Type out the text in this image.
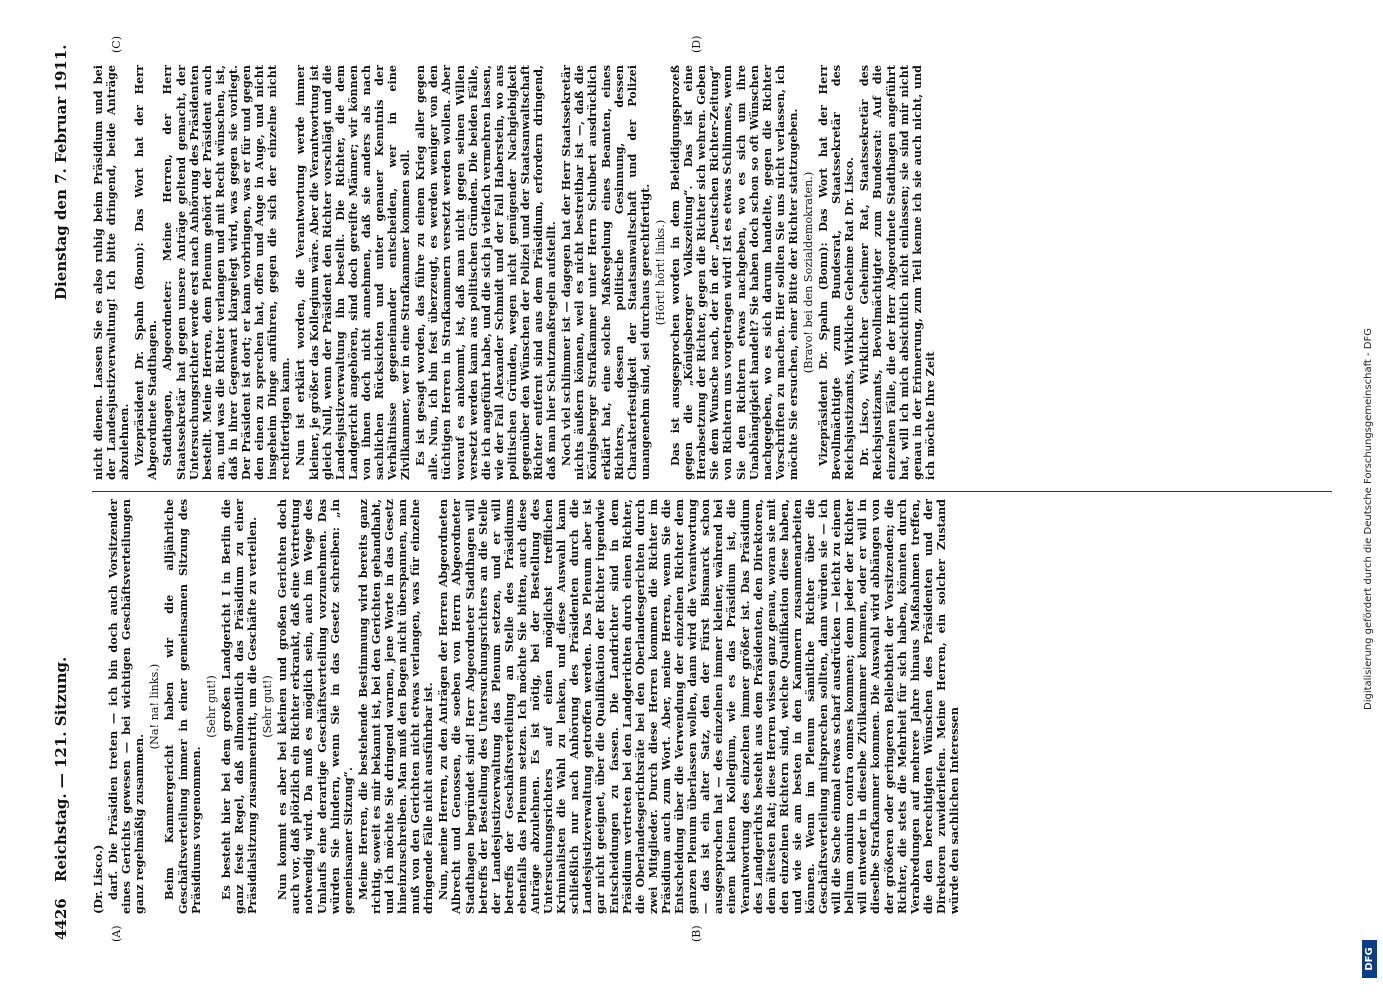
4426
Reichstag. — 121. Sitzung.
Dienstag den 7. Februar 1911.
(A)	(B)
(C)	(D)

(Dr. Lisco.) darf. Die Präsidien treten — ich bin doch auch Vorsitzender eines Gerichts gewesen — bei wichtigen Geschäftsverteilungen ganz regelmäßig zusammen.

(Na! na! links.) Beim Kammergericht haben wir die alljährliche Geschäftsverteilung immer in einer gemeinsamen Sitzung des Präsidiums vorgenommen.

(Sehr gut!) Es besteht hier bei dem großen Landgericht I in Berlin die ganz feste Regel, daß allmonatlich das Präsidium zu einer Präsidialsitzung zusammentritt, um die Geschäfte zu verteilen. (Sehr gut!) Nun kommt es aber bei kleinen und großen Gerichten doch auch vor, daß plötzlich ein Richter erkrankt, daß eine Vertretung notwendig wird. Da muß es möglich sein, auch im Wege des Umlaufs eine derartige Geschäftsverteilung vorzunehmen. Das würden Sie hindern, wenn Sie in das Gesetz schreiben: „in gemeinsamer Sitzung“. Meine Herren, die bestehende Bestimmung wird bereits ganz richtig, soweit es mir bekannt ist, bei den Gerichten gehandhabt, und ich möchte Sie dringend warnen, jene Worte in das Gesetz hineinzuschreiben. Man muß den Bogen nicht überspannen, man muß von den Gerichten nicht etwas verlangen, was für einzelne dringende Fälle nicht ausführbar ist. Nun, meine Herren, zu den Anträgen der Herren Abgeordneten Albrecht und Genossen, die soeben von Herrn Abgeordneter Stadthagen begründet sind! Herr Abgeordneter Stadthagen will betreffs der Bestellung des Untersuchungsrichters an die Stelle der Landesjustizverwaltung das Plenum setzen, und er will betreffs der Geschäftsverteilung an Stelle des Präsidiums ebenfalls das Plenum setzen. Ich möchte Sie bitten, auch diese Anträge abzulehnen. Es ist nötig, bei der Bestellung des Untersuchungsrichters auf einen möglichst trefflichen Kriminalisten die Wahl zu lenken, und diese Auswahl kann schließlich nur nach Anhörung des Präsidenten durch die Landesjustizverwaltung getroffen werden. Das Plenum aber ist gar nicht geeignet, über die Qualifikation der Richter irgendwie Entscheidungen zu fassen. Die Landrichter sind in dem Präsidium vertreten bei den Landgerichten durch einen Richter, die Oberlandesgerichtsräte bei den Oberlandesgerichten durch zwei Mitglieder. Durch diese Herren kommen die Richter im Präsidium auch zum Wort. Aber, meine Herren, wenn Sie die Entscheidung über die Verwendung der einzelnen Richter dem ganzen Plenum überlassen wollen, dann wird die Verantwortung — das ist ein alter Satz, den der Fürst Bismarck schon ausgesprochen hat — des einzelnen immer kleiner, während bei einem kleinen Kollegium, wie es das Präsidium ist, die Verantwortung des einzelnen immer größer ist. Das Präsidium des Landgerichts besteht aus dem Präsidenten, den Direktoren, dem ältesten Rat; diese Herren wissen ganz genau, woran sie mit den einzelnen Richtern sind, welche Qualifikation diese haben, und wie sie am besten in den Kammern zusammenarbeiten können. Wenn im Plenum sämtliche Richter über die Geschäftsverteilung mitsprechen sollten, dann würden sie — ich will die Sache einmal etwas scharf ausdrücken — leicht zu einem bellum omnium contra omnes kommen; denn jeder der Richter will entweder in dieselbe Zivilkammer kommen, oder er will in dieselbe Strafkammer kommen. Die Auswahl wird abhängen von der größeren oder geringeren Beliebtheit der Vorsitzenden; die Richter, die stets die Mehrheit für sich haben, könnten durch Verabredungen auf mehrere Jahre hinaus Maßnahmen treffen, die den berechtigten Wünschen des Präsidenten und der Direktoren zuwiderliefen. Meine Herren, ein solcher Zustand würde den sachlichen Interessen

nicht dienen. Lassen Sie es also ruhig beim Präsidium und bei der Landesjustizverwaltung! Ich bitte dringend, beide Anträge abzulehnen. Vizepräsident Dr. Spahn (Bonn): Das Wort hat der Herr Abgeordnete Stadthagen. Stadthagen, Abgeordneter: Meine Herren, der Herr Staatssekretär hat gegen unsere Anträge geltend gemacht, der Untersuchungsrichter werde erst nach Anhörung des Präsidenten bestellt. Meine Herren, dem Plenum gehört der Präsident auch an, und was die Richter verlangen und mit Recht wünschen, ist, daß in ihrer Gegenwart klargelegt wird, was gegen sie vorliegt. Der Präsident ist dort; er kann vorbringen, was er für und gegen den einen zu sprechen hat, offen und Auge in Auge, und nicht insgeheim Dinge anführen, gegen die sich der einzelne nicht rechtfertigen kann. Nun ist erklärt worden, die Verantwortung werde immer kleiner, je größer das Kollegium wäre. Aber die Verantwortung ist gleich Null, wenn der Präsident den Richter vorschlägt und die Landesjustizverwaltung ihn bestellt. Die Richter, die dem Landgericht angehören, sind doch gereifte Männer; wir können von ihnen doch nicht annehmen, daß sie anders als nach sachlichen Rücksichten und unter genauer Kenntnis der Verhältnisse gegeneinander entscheiden, wer in eine Zivilkammer, wer in eine Strafkammer kommen soll. Es ist gesagt worden, das führe zu einem Krieg aller gegen alle. Nun, ich bin fest überzeugt, es werden weniger von den tüchtigen Herren in Strafkammern versetzt werden wollen. Aber worauf es ankommt, ist, daß man nicht gegen seinen Willen versetzt werden kann aus politischen Gründen. Die beiden Fälle, die ich angeführt habe, und die sich ja vielfach vermehren lassen, wie der Fall Alexander Schmidt und der Fall Haberstein, wo aus politischen Gründen, wegen nicht genügender Nachgiebigkeit gegenüber den Wünschen der Polizei und der Staatsanwaltschaft Richter entfernt sind aus dem Präsidium, erfordern dringend, daß man hier Schutzmaßregeln aufstellt. Noch viel schlimmer ist — dagegen hat der Herr Staatssekretär nichts äußern können, weil es nicht bestreitbar ist —, daß die Königsberger Strafkammer unter Herrn Schubert ausdrücklich erklärt hat, eine solche Maßregelung eines Beamten, eines Richters, dessen politische Gesinnung, dessen Charakterfestigkeit der Staatsanwaltschaft und der Polizei unangenehm sind, sei durchaus gerechtfertigt. (Hört! hört! links.) Das ist ausgesprochen worden in dem Beleidigungsprozeß gegen die „Königsberger Volkszeitung“. Das ist eine Herabsetzung der Richter, gegen die Richter sich wehren. Geben Sie dem Wunsche nach, der in der „Deutschen Richter-Zeitung“ von Richtern uns vorgetragen wird! Ist es etwas Schlimmes, wenn Sie den Richtern etwas nachgeben, wo es sich um ihre Unabhängigkeit handelt? Sie haben doch schon so oft Wünschen nachgegeben, wo es sich darum handelte, gegen die Richter Vorschriften zu machen. Hier sollten Sie uns nicht verlassen, ich möchte Sie ersuchen, einer Bitte der Richter stattzugeben. (Bravo! bei den Sozialdemokraten.) Vizepräsident Dr. Spahn (Bonn): Das Wort hat der Herr Bevollmächtigte zum Bundesrat, Staatssekretär des Reichsjustizamts, Wirkliche Geheime Rat Dr. Lisco. Dr. Lisco, Wirklicher Geheimer Rat, Staatssekretär des Reichsjustizamts, Bevollmächtigter zum Bundesrat: Auf die einzelnen Fälle, die der Herr Abgeordnete Stadthagen angeführt hat, will ich mich absichtlich nicht einlassen; sie sind mir nicht genau in der Erinnerung, zum Teil kenne ich sie auch nicht, und ich möchte Ihre Zeit

DFG
Digitalisierung gefördert durch die Deutsche Forschungsgemeinschaft - DFG
